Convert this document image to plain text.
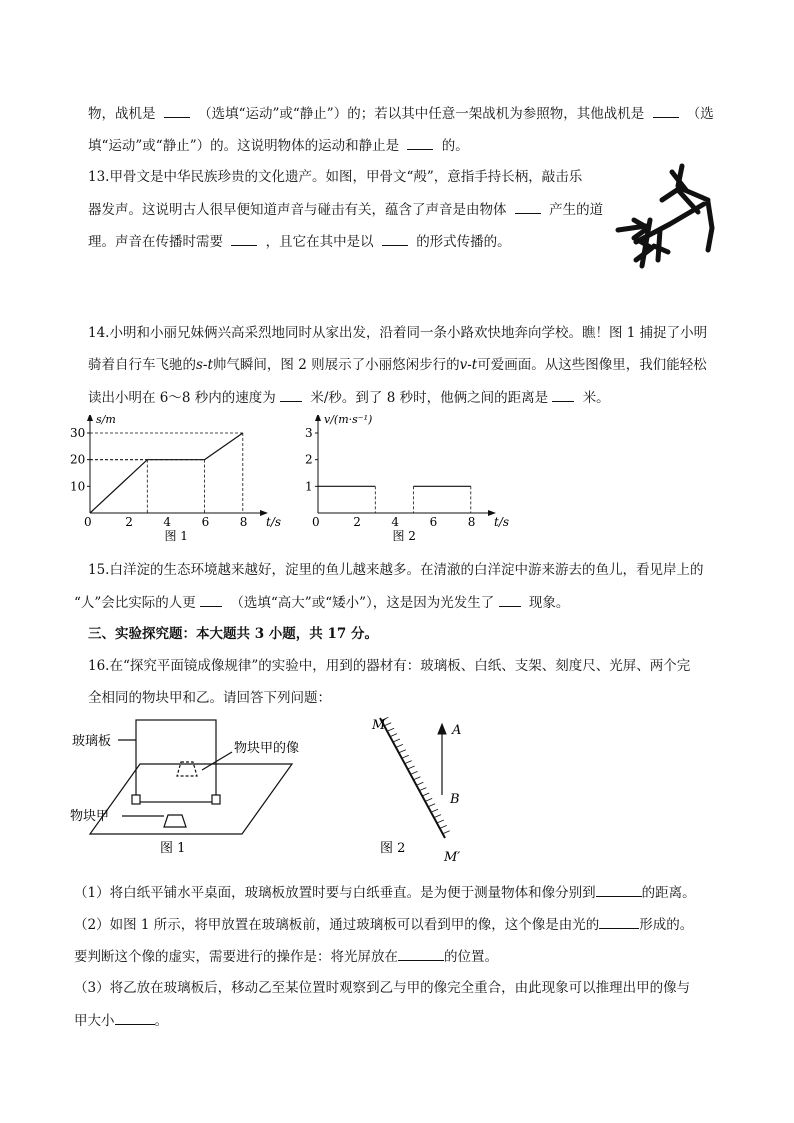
物，战机是	（选填“运动”或“静止”）的；若以其中任意一架战机为参照物，其他战机是	（选
填“运动”或“静止”）的。这说明物体的运动和静止是	的。
13.甲骨文是中华民族珍贵的文化遗产。如图，甲骨文“殸”，意指手持长柄，敲击乐
器发声。这说明古人很早便知道声音与碰击有关，蕴含了声音是由物体	产生的道
理。声音在传播时需要	，且它在其中是以	的形式传播的。
14.小明和小丽兄妹俩兴高采烈地同时从家出发，沿着同一条小路欢快地奔向学校。瞧！图 1 捕捉了小明
骑着自行车飞驰的s-t帅气瞬间，图 2 则展示了小丽悠闲步行的v-t可爱画面。从这些图像里，我们能轻松
读出小明在 6～8 秒内的速度为	米/秒。到了 8 秒时，他俩之间的距离是	米。
0	2	4	6	8
10
20
30
t/s
s/m
图 1
0	2	4	6	8
1
2
3
t/s
v/(m·s⁻¹)
图 2
15.白洋淀的生态环境越来越好，淀里的鱼儿越来越多。在清澈的白洋淀中游来游去的鱼儿，看见岸上的
“人”会比实际的人更	（选填“高大”或“矮小”），这是因为光发生了	现象。
三、实验探究题：本大题共 3 小题，共 17 分。
16.在“探究平面镜成像规律”的实验中，用到的器材有：玻璃板、白纸、支架、刻度尺、光屏、两个完
全相同的物块甲和乙。请回答下列问题：
玻璃板	物块甲的像
物块甲
图 1
M
M′
A
B
图 2
（1）将白纸平铺水平桌面，玻璃板放置时要与白纸垂直。是为便于测量物体和像分别到	的距离。
（2）如图 1 所示，将甲放置在玻璃板前，通过玻璃板可以看到甲的像，这个像是由光的	形成的。
要判断这个像的虚实，需要进行的操作是：将光屏放在	的位置。
（3）将乙放在玻璃板后，移动乙至某位置时观察到乙与甲的像完全重合，由此现象可以推理出甲的像与
甲大小	。
